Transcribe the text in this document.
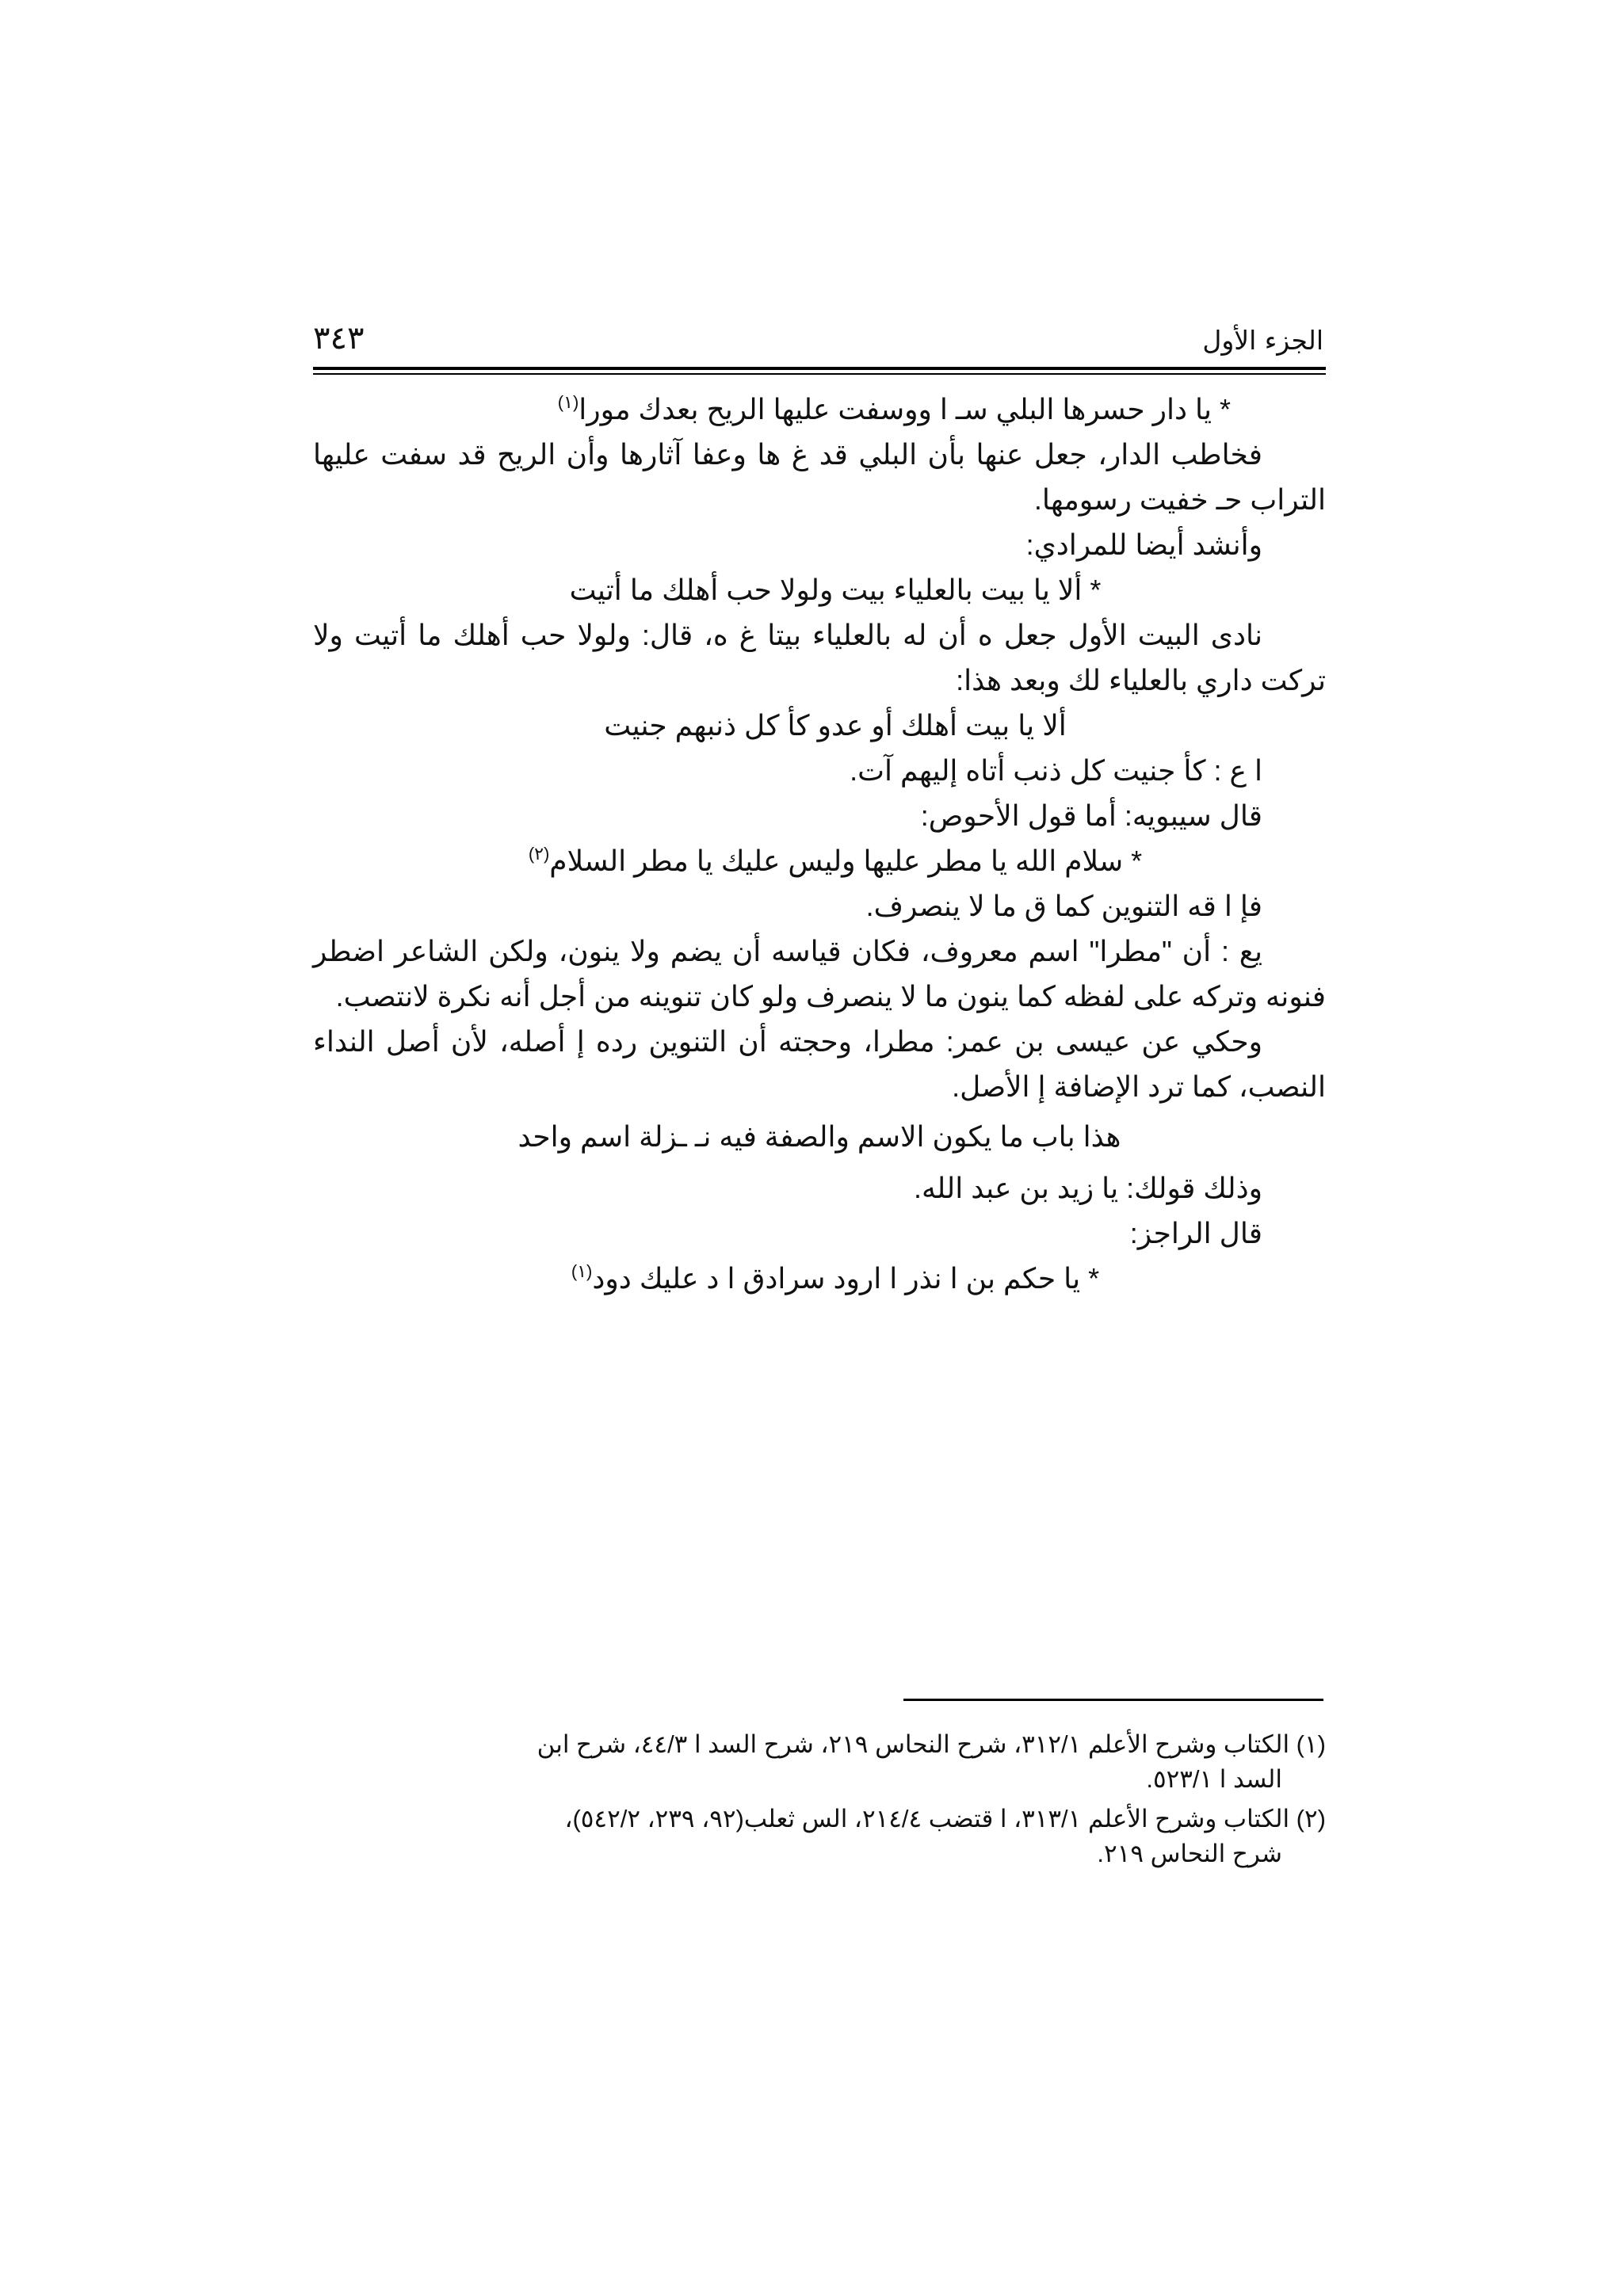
الجزء الأول
٣٤٣

* يا دار حسرها البلي سـ ا ووسفت عليها الريح بعدك مورا$^{(١)}$

فخاطب الدار، جعل عنها بأن البلي قد غ ها وعفا آثارها وأن الريح قد سفت عليها التراب حـ خفيت رسومها.

وأنشد أيضا للمرادي:

* ألا يا بيت بالعلياء بيت ولولا حب أهلك ما أتيت

نادى البيت الأول جعل ه أن له بالعلياء بيتا غ ه، قال: ولولا حب أهلك ما أتيت ولا تركت داري بالعلياء لك وبعد هذا:

ألا يا بيت أهلك أو عدو كأ كل ذنبهم جنيت

ا ع : كأ جنيت كل ذنب أتاه إليهم آت.

قال سيبويه: أما قول الأحوص:

* سلام الله يا مطر عليها وليس عليك يا مطر السلام$^{(٢)}$

فإ ا قه التنوين كما ق ما لا ينصرف.

يع : أن "مطرا" اسم معروف، فكان قياسه أن يضم ولا ينون، ولكن الشاعر اضطر فنونه وتركه على لفظه كما ينون ما لا ينصرف ولو كان تنوينه من أجل أنه نكرة لانتصب.

وحكي عن عيسى بن عمر: مطرا، وحجته أن التنوين رده إ أصله، لأن أصل النداء النصب، كما ترد الإضافة إ الأصل.

هذا باب ما يكون الاسم والصفة فيه نـ ـزلة اسم واحد

وذلك قولك: يا زيد بن عبد الله.

قال الراجز:

* يا حكم بن ا نذر ا ارود سرادق ا د عليك دود$^{(١)}$

(١) الكتاب وشرح الأعلم ٣١٢/١، شرح النحاس ٢١٩، شرح السد ا ٤٤/٣، شرح ابن
السد ا ٥٢٣/١.

(٢) الكتاب وشرح الأعلم ٣١٣/١، ا قتضب ٢١٤/٤، الس ثعلب(٩٢، ٢٣٩، ٥٤٢/٢)،
شرح النحاس ٢١٩.
